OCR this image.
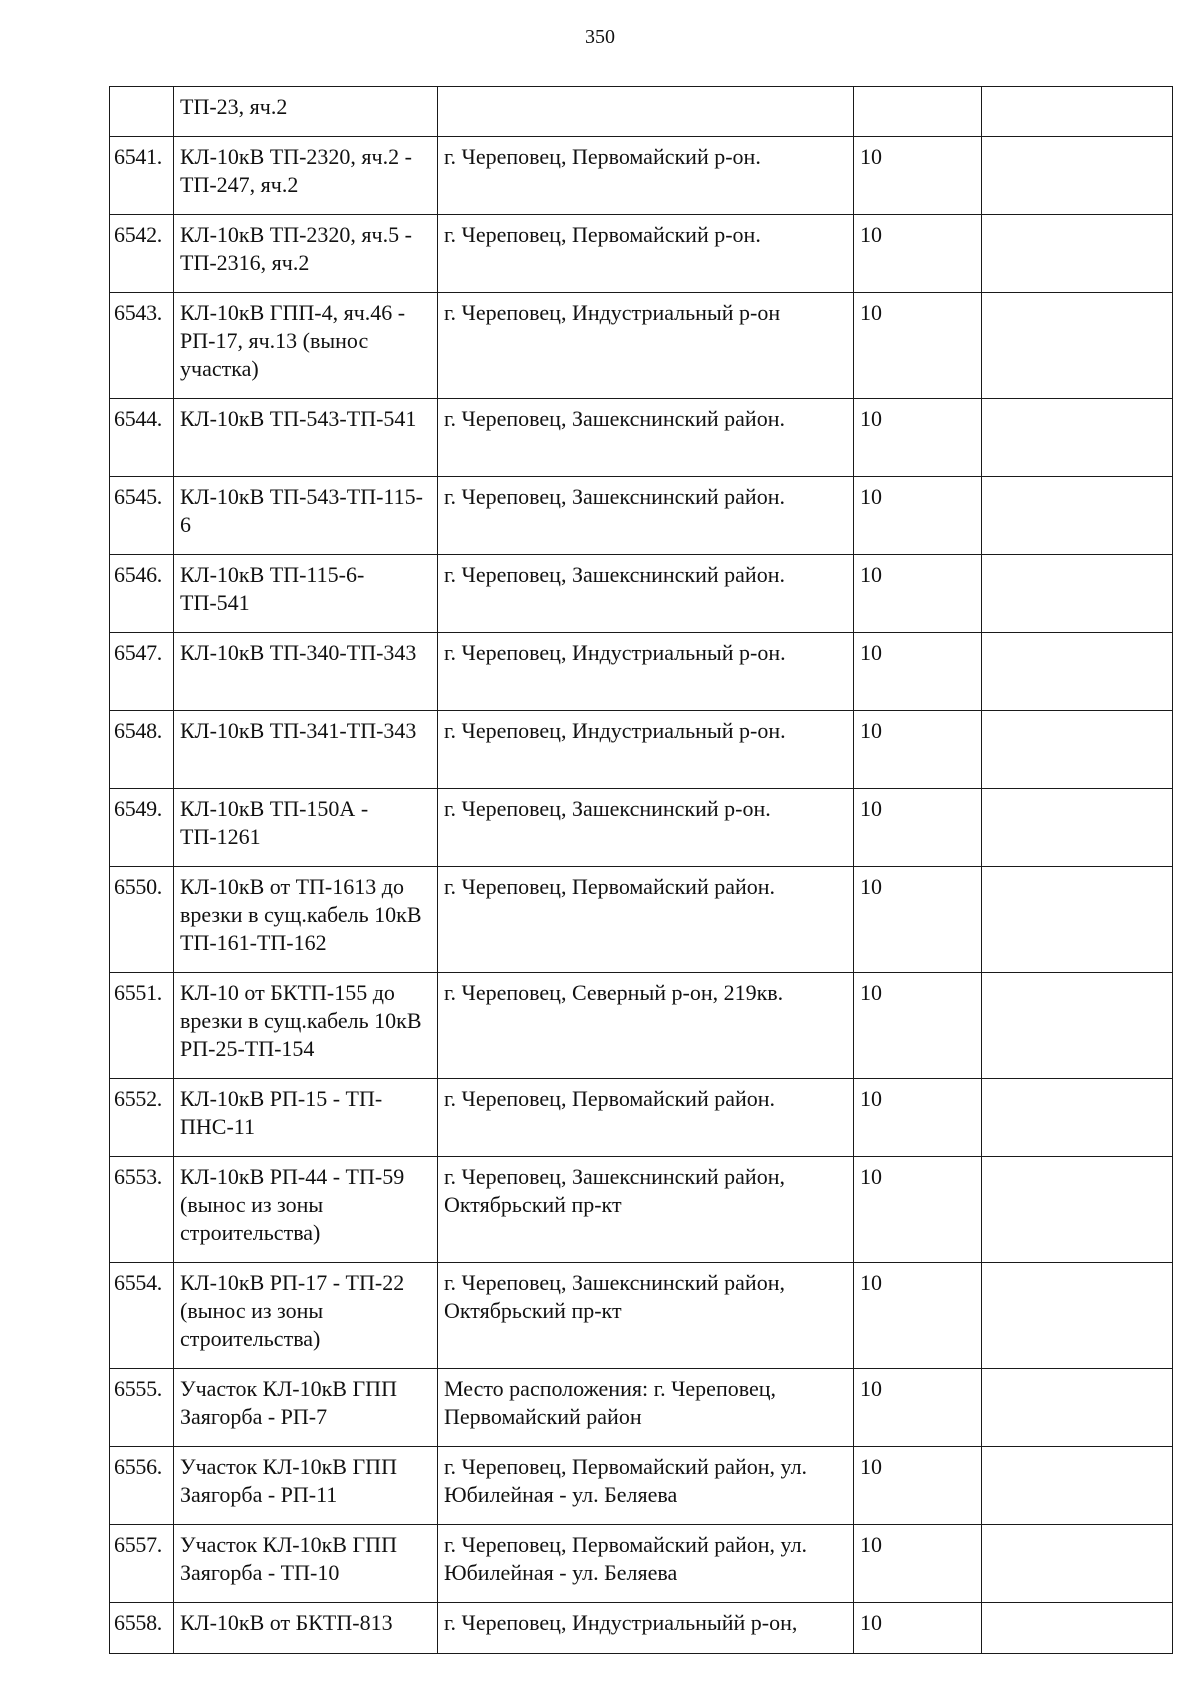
350
	ТП-23, яч.2			
6541.	КЛ-10кВ ТП-2320, яч.2 - ТП-247, яч.2	г. Череповец, Первомайский р-он.	10	
6542.	КЛ-10кВ ТП-2320, яч.5 - ТП-2316, яч.2	г. Череповец, Первомайский р-он.	10	
6543.	КЛ-10кВ ГПП-4, яч.46 - РП-17, яч.13 (вынос участка)	г. Череповец, Индустриальный р-он	10	
6544.	КЛ-10кВ ТП-543-ТП-541	г. Череповец, Зашекснинский район.	10	
6545.	КЛ-10кВ ТП-543-ТП-115-6	г. Череповец, Зашекснинский район.	10	
6546.	КЛ-10кВ ТП-115-6-ТП-541	г. Череповец, Зашекснинский район.	10	
6547.	КЛ-10кВ ТП-340-ТП-343	г. Череповец, Индустриальный р-он.	10	
6548.	КЛ-10кВ ТП-341-ТП-343	г. Череповец, Индустриальный р-он.	10	
6549.	КЛ-10кВ ТП-150А - ТП-1261	г. Череповец, Зашекснинский р-он.	10	
6550.	КЛ-10кВ от ТП-1613 до врезки в сущ.кабель 10кВ ТП-161-ТП-162	г. Череповец, Первомайский район.	10	
6551.	КЛ-10 от БКТП-155 до врезки в сущ.кабель 10кВ РП-25-ТП-154	г. Череповец, Северный р-он, 219кв.	10	
6552.	КЛ-10кВ РП-15 - ТП-ПНС-11	г. Череповец, Первомайский район.	10	
6553.	КЛ-10кВ РП-44 - ТП-59 (вынос из зоны строительства)	г. Череповец, Зашекснинский район, Октябрьский пр-кт	10	
6554.	КЛ-10кВ РП-17 - ТП-22 (вынос из зоны строительства)	г. Череповец, Зашекснинский район, Октябрьский пр-кт	10	
6555.	Участок КЛ-10кВ ГПП Заягорба - РП-7	Место расположения: г. Череповец, Первомайский район	10	
6556.	Участок КЛ-10кВ ГПП Заягорба - РП-11	г. Череповец, Первомайский район, ул. Юбилейная - ул. Беляева	10	
6557.	Участок КЛ-10кВ ГПП Заягорба - ТП-10	г. Череповец, Первомайский район, ул. Юбилейная - ул. Беляева	10	
6558.	КЛ-10кВ от БКТП-813	г. Череповец, Индустриальныйй р-он,	10	
